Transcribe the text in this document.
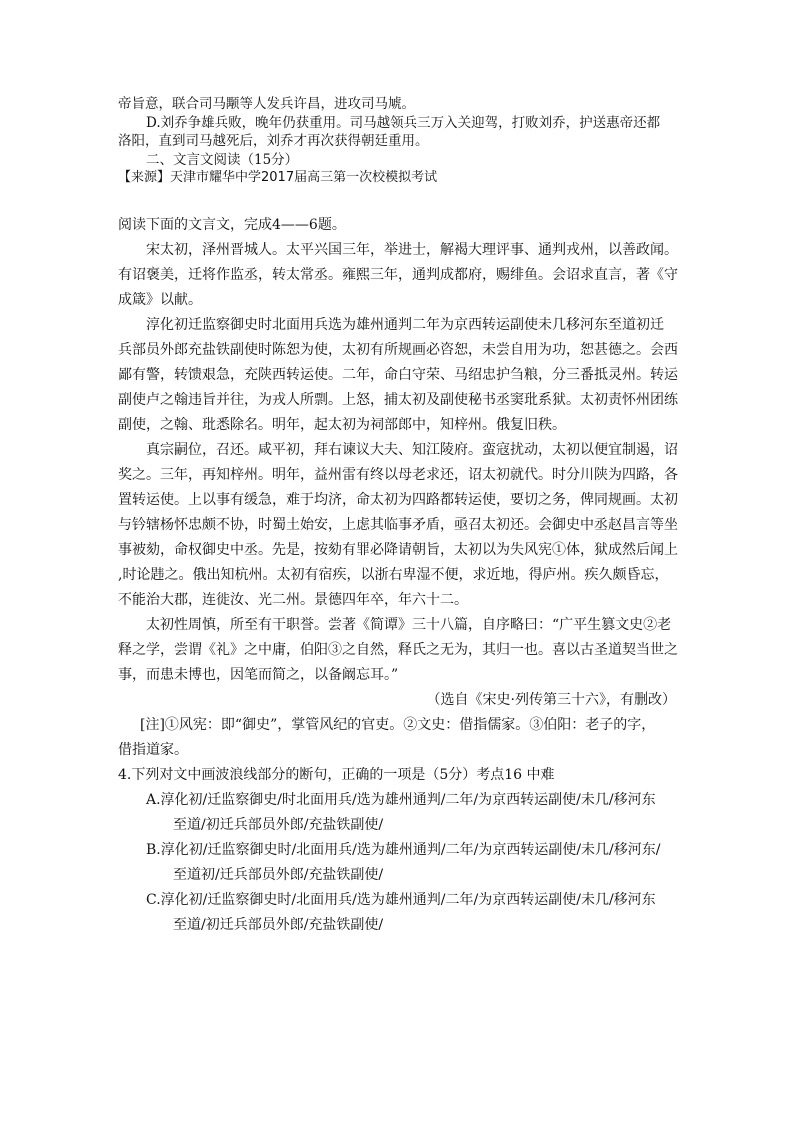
帝旨意，联合司马颙等人发兵许昌，进攻司马虓。

D.刘乔争雄兵败，晚年仍获重用。司马越领兵三万入关迎驾，打败刘乔，护送惠帝还都

洛阳，直到司马越死后，刘乔才再次获得朝廷重用。

二、文言文阅读（15分）

【来源】天津市耀华中学2017届高三第一次校模拟考试

阅读下面的文言文，完成4——6题。

宋太初，泽州晋城人。太平兴国三年，举进士，解褐大理评事、通判戎州，以善政闻。

有诏褒美，迁将作监丞，转太常丞。雍熙三年，通判成都府，赐绯鱼。会诏求直言，著《守

成箴》以献。

淳化初迁监察御史时北面用兵选为雄州通判二年为京西转运副使未几移河东至道初迁

兵部员外郎充盐铁副使时陈恕为使，太初有所规画必咨恕，未尝自用为功，恕甚德之。会西

鄙有警，转馈艰急，充陕西转运使。二年，命白守荣、马绍忠护刍粮，分三番抵灵州。转运

副使卢之翰违旨并往，为戎人所剽。上怒，捕太初及副使秘书丞窦玭系狱。太初责怀州团练

副使，之翰、玭悉除名。明年，起太初为祠部郎中，知梓州。俄复旧秩。

真宗嗣位，召还。咸平初，拜右谏议大夫、知江陵府。蛮寇扰动，太初以便宜制遏，诏

奖之。三年，再知梓州。明年，益州雷有终以母老求还，诏太初就代。时分川陕为四路，各

置转运使。上以事有缓急，难于均济，命太初为四路都转运使，要切之务，俾同规画。太初

与钤辖杨怀忠颇不协，时蜀土始安，上虑其临事矛盾，亟召太初还。会御史中丞赵昌言等坐

事被劾，命权御史中丞。先是，按劾有罪必降请朝旨，太初以为失风宪①体，狱成然后闻上

,时论韪之。俄出知杭州。太初有宿疾，以浙右卑湿不便，求近地，得庐州。疾久颇昏忘，

不能治大郡，连徙汝、光二州。景德四年卒，年六十二。

太初性周慎，所至有干职誉。尝著《简谭》三十八篇，自序略曰：“广平生篡文史②老

释之学，尝谓《礼》之中庸，伯阳③之自然，释氏之无为，其归一也。喜以古圣道契当世之

事，而患未博也，因笔而简之，以备阚忘耳。”

（选自《宋史·列传第三十六》，有删改）

[注]①风宪：即“御史”，掌管风纪的官吏。②文史：借指儒家。③伯阳：老子的字，

借指道家。

4.下列对文中画波浪线部分的断句，正确的一项是（5分）考点16 中难

A.淳化初/迁监察御史/时北面用兵/选为雄州通判/二年/为京西转运副使/未几/移河东

至道/初迁兵部员外郎/充盐铁副使/

B.淳化初/迁监察御史时/北面用兵/选为雄州通判/二年/为京西转运副使/未几/移河东/

至道初/迁兵部员外郎/充盐铁副使/

C.淳化初/迁监察御史时/北面用兵/选为雄州通判/二年/为京西转运副使/未几/移河东

至道/初迁兵部员外郎/充盐铁副使/
